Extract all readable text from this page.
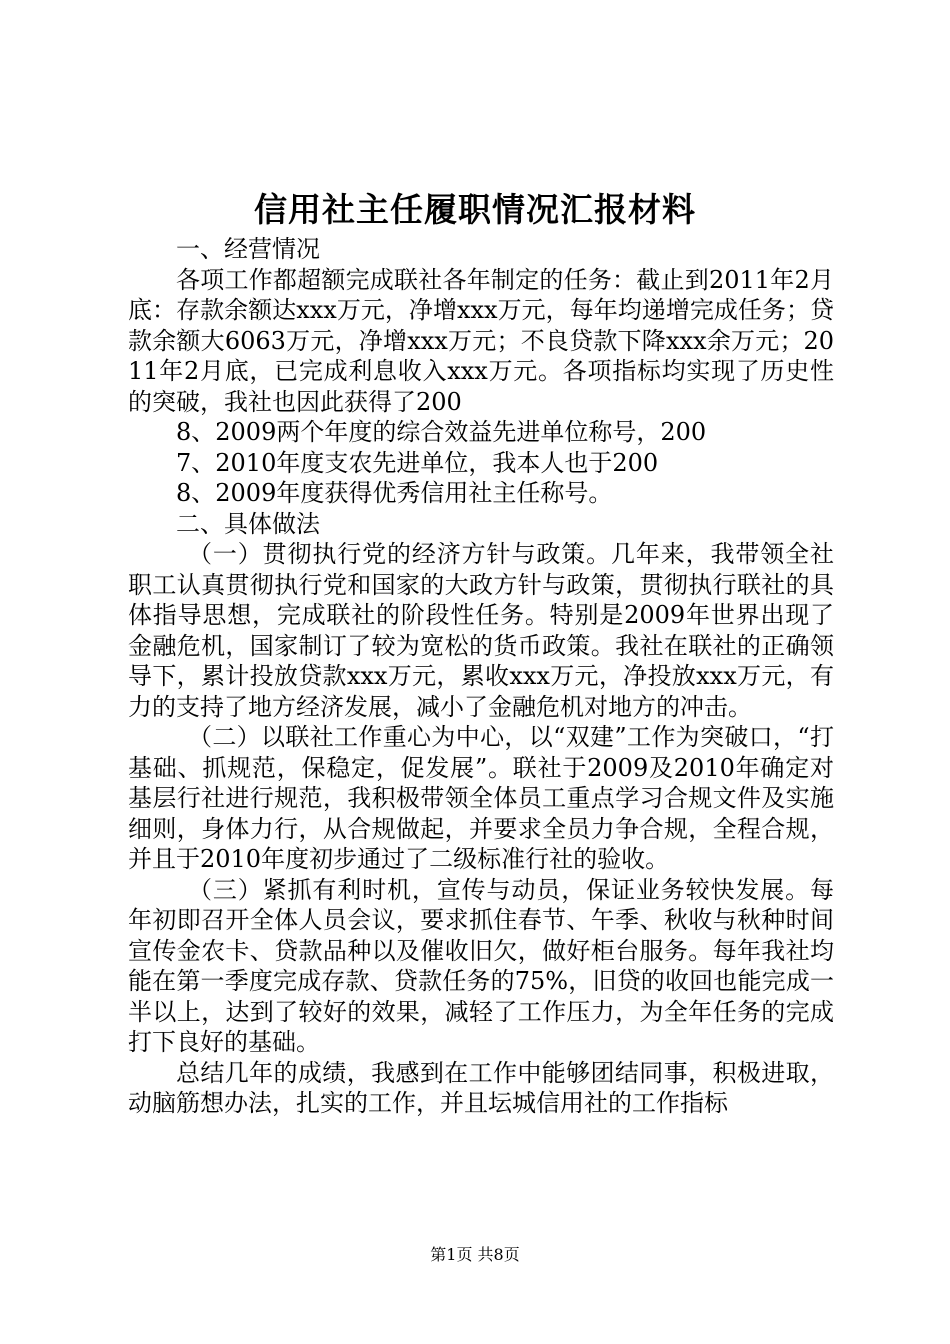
信用社主任履职情况汇报材料

一、经营情况

各项工作都超额完成联社各年制定的任务：截止到2011年2月底：存款余额达xxx万元，净增xxx万元，每年均递增完成任务；贷款余额大6063万元，净增xxx万元；不良贷款下降xxx余万元；2011年2月底，已完成利息收入xxx万元。各项指标均实现了历史性的突破，我社也因此获得了200

8、2009两个年度的综合效益先进单位称号，200

7、2010年度支农先进单位，我本人也于200

8、2009年度获得优秀信用社主任称号。

二、具体做法

（一）贯彻执行党的经济方针与政策。几年来，我带领全社职工认真贯彻执行党和国家的大政方针与政策，贯彻执行联社的具体指导思想，完成联社的阶段性任务。特别是2009年世界出现了金融危机，国家制订了较为宽松的货币政策。我社在联社的正确领导下，累计投放贷款xxx万元，累收xxx万元，净投放xxx万元，有力的支持了地方经济发展，减小了金融危机对地方的冲击。

（二）以联社工作重心为中心，以“双建”工作为突破口，“打基础、抓规范，保稳定，促发展”。联社于2009及2010年确定对基层行社进行规范，我积极带领全体员工重点学习合规文件及实施细则，身体力行，从合规做起，并要求全员力争合规，全程合规，并且于2010年度初步通过了二级标准行社的验收。

（三）紧抓有利时机，宣传与动员，保证业务较快发展。每年初即召开全体人员会议，要求抓住春节、午季、秋收与秋种时间宣传金农卡、贷款品种以及催收旧欠，做好柜台服务。每年我社均能在第一季度完成存款、贷款任务的75%，旧贷的收回也能完成一半以上，达到了较好的效果，减轻了工作压力，为全年任务的完成打下良好的基础。

总结几年的成绩，我感到在工作中能够团结同事，积极进取，动脑筋想办法，扎实的工作，并且坛城信用社的工作指标

第1页 共8页
